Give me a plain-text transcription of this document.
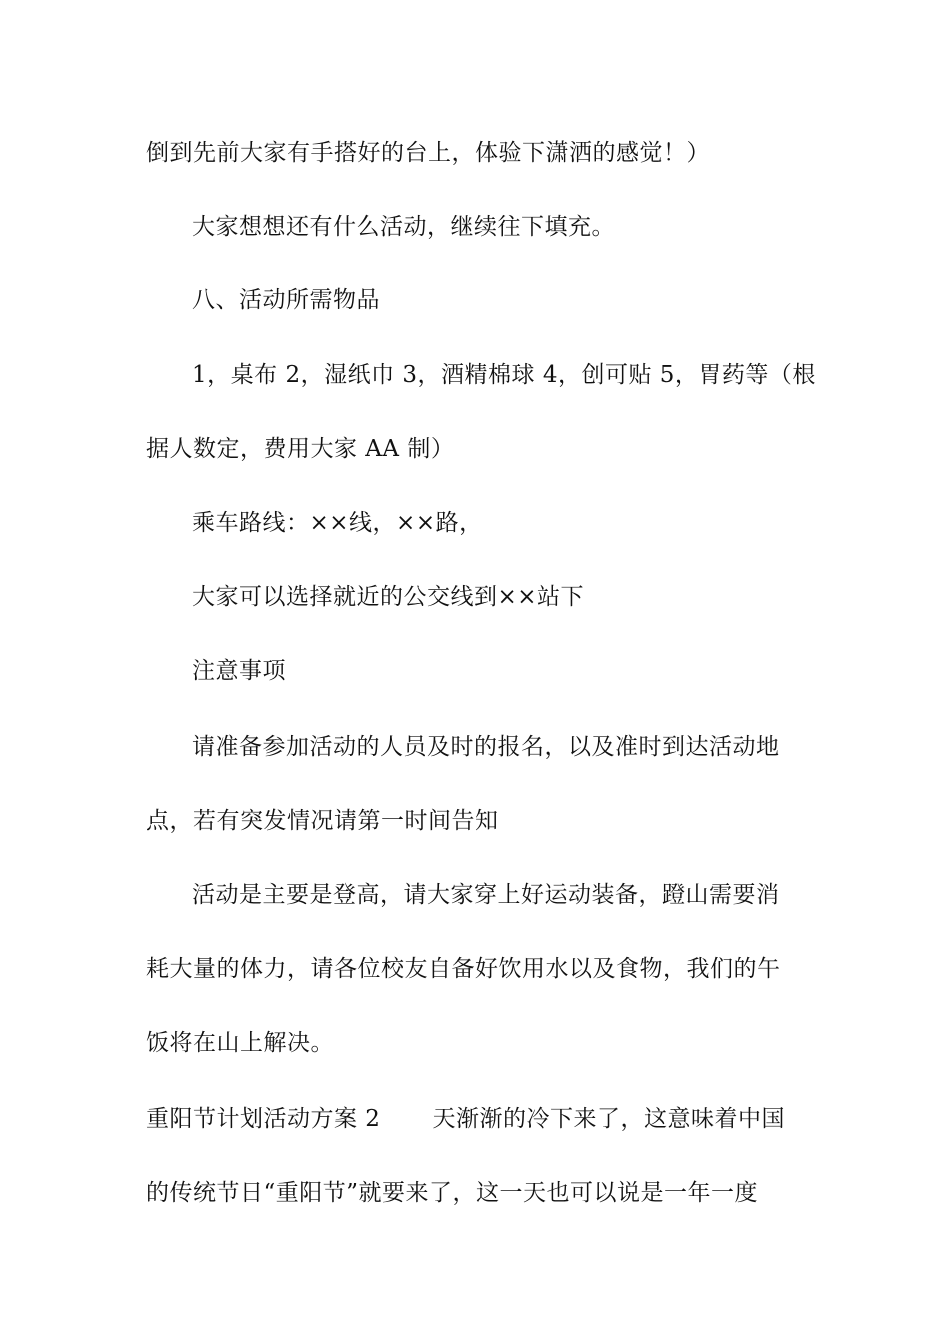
倒到先前大家有手搭好的台上，体验下潇洒的感觉！）
大家想想还有什么活动，继续往下填充。
八、活动所需物品
1，桌布 2，湿纸巾 3，酒精棉球 4，创可贴 5，胃药等（根
据人数定，费用大家 AA 制）
乘车路线：××线，××路，
大家可以选择就近的公交线到××站下
注意事项
请准备参加活动的人员及时的报名，以及准时到达活动地
点，若有突发情况请第一时间告知
活动是主要是登高，请大家穿上好运动装备，蹬山需要消
耗大量的体力，请各位校友自备好饮用水以及食物，我们的午
饭将在山上解决。
重阳节计划活动方案 2 天渐渐的冷下来了，这意味着中国
的传统节日“重阳节”就要来了，这一天也可以说是一年一度
